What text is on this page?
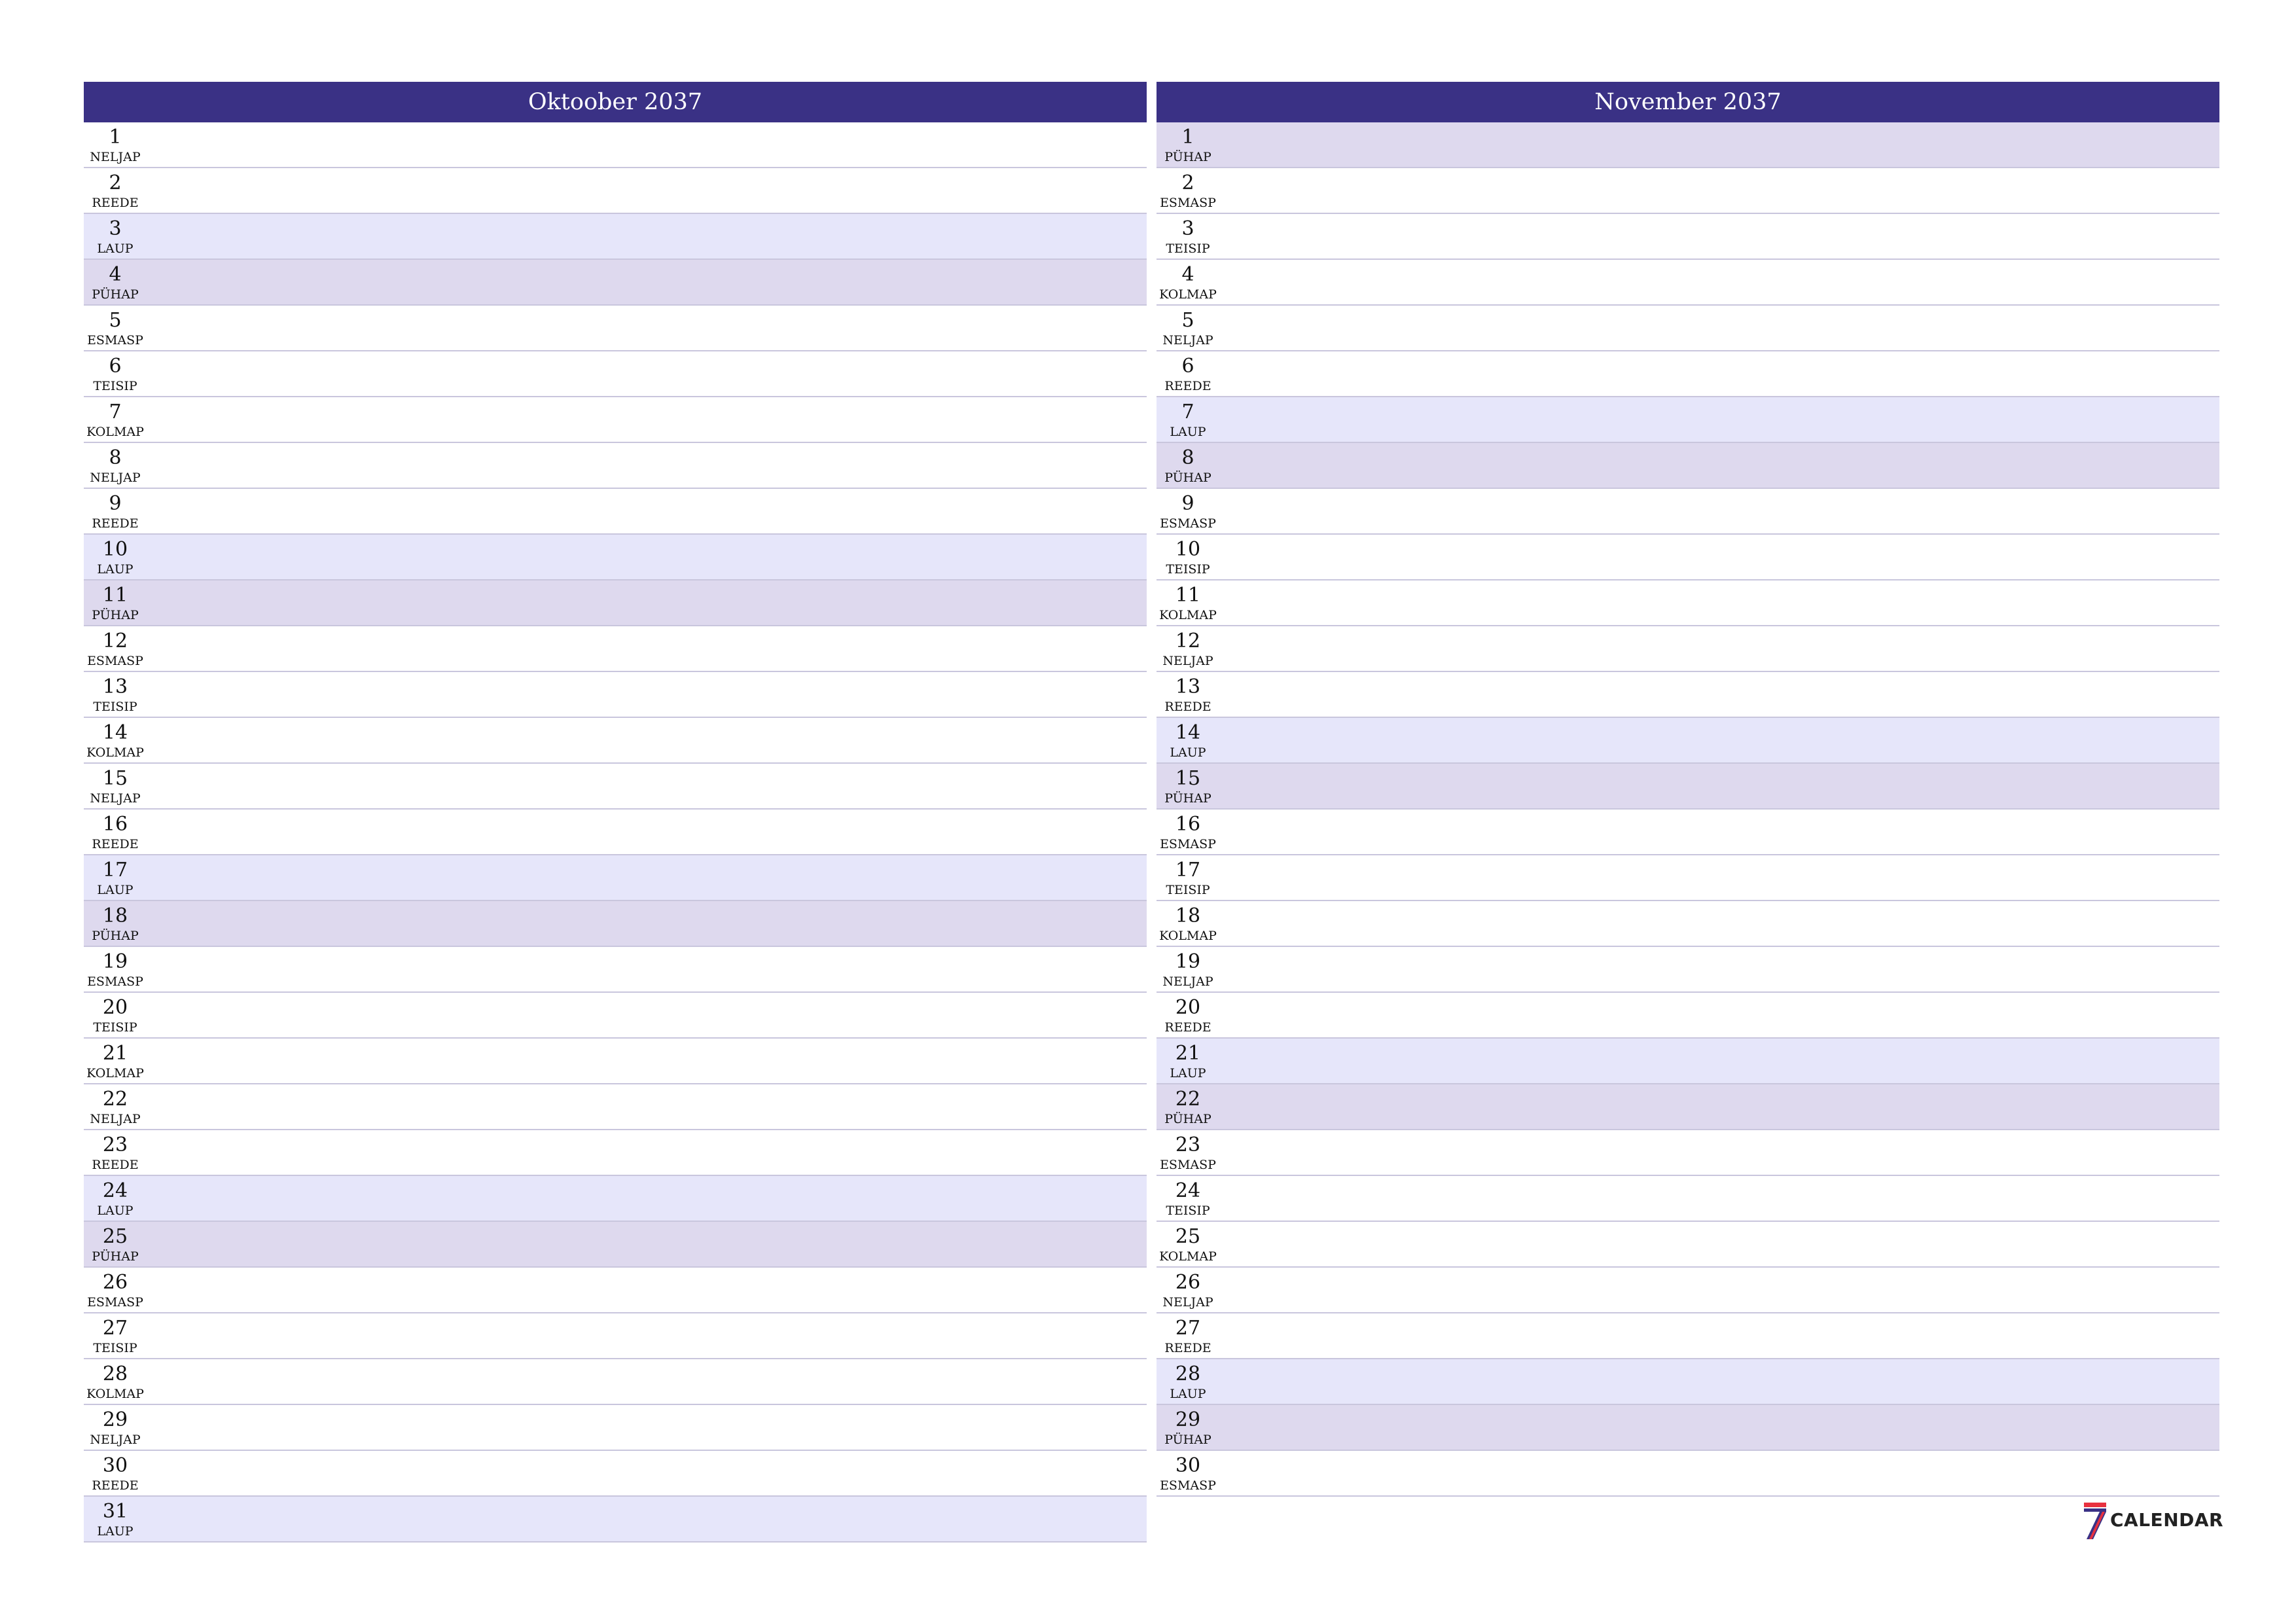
Oktoober 2037
1
NELJAP
2
REEDE
3
LAUP
4
PÜHAP
5
ESMASP
6
TEISIP
7
KOLMAP
8
NELJAP
9
REEDE
10
LAUP
11
PÜHAP
12
ESMASP
13
TEISIP
14
KOLMAP
15
NELJAP
16
REEDE
17
LAUP
18
PÜHAP
19
ESMASP
20
TEISIP
21
KOLMAP
22
NELJAP
23
REEDE
24
LAUP
25
PÜHAP
26
ESMASP
27
TEISIP
28
KOLMAP
29
NELJAP
30
REEDE
31
LAUP
November 2037
1
PÜHAP
2
ESMASP
3
TEISIP
4
KOLMAP
5
NELJAP
6
REEDE
7
LAUP
8
PÜHAP
9
ESMASP
10
TEISIP
11
KOLMAP
12
NELJAP
13
REEDE
14
LAUP
15
PÜHAP
16
ESMASP
17
TEISIP
18
KOLMAP
19
NELJAP
20
REEDE
21
LAUP
22
PÜHAP
23
ESMASP
24
TEISIP
25
KOLMAP
26
NELJAP
27
REEDE
28
LAUP
29
PÜHAP
30
ESMASP
CALENDAR
